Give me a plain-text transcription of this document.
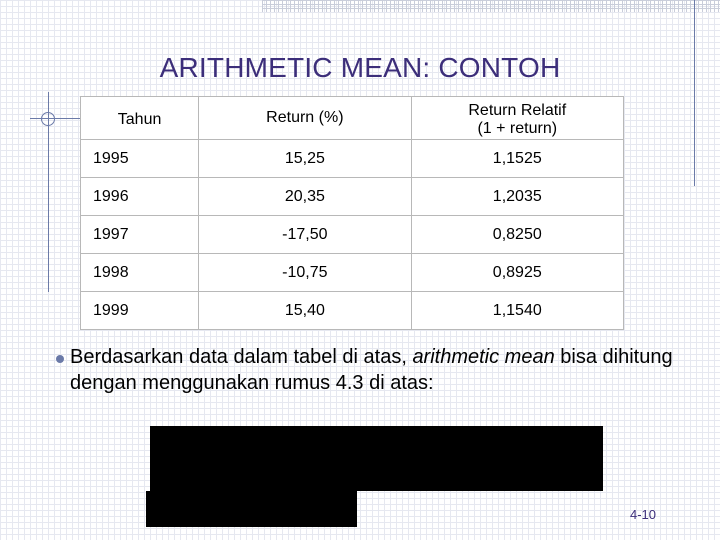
ARITHMETIC MEAN: CONTOH
Tahun	Return (%)	Return Relatif
(1 + return)
1995	15,25	1,1525
1996	20,35	1,2035
1997	-17,50	0,8250
1998	-10,75	0,8925
1999	15,40	1,1540
Berdasarkan data dalam tabel di atas, arithmetic mean bisa dihitung dengan menggunakan rumus 4.3 di atas:
4-10
